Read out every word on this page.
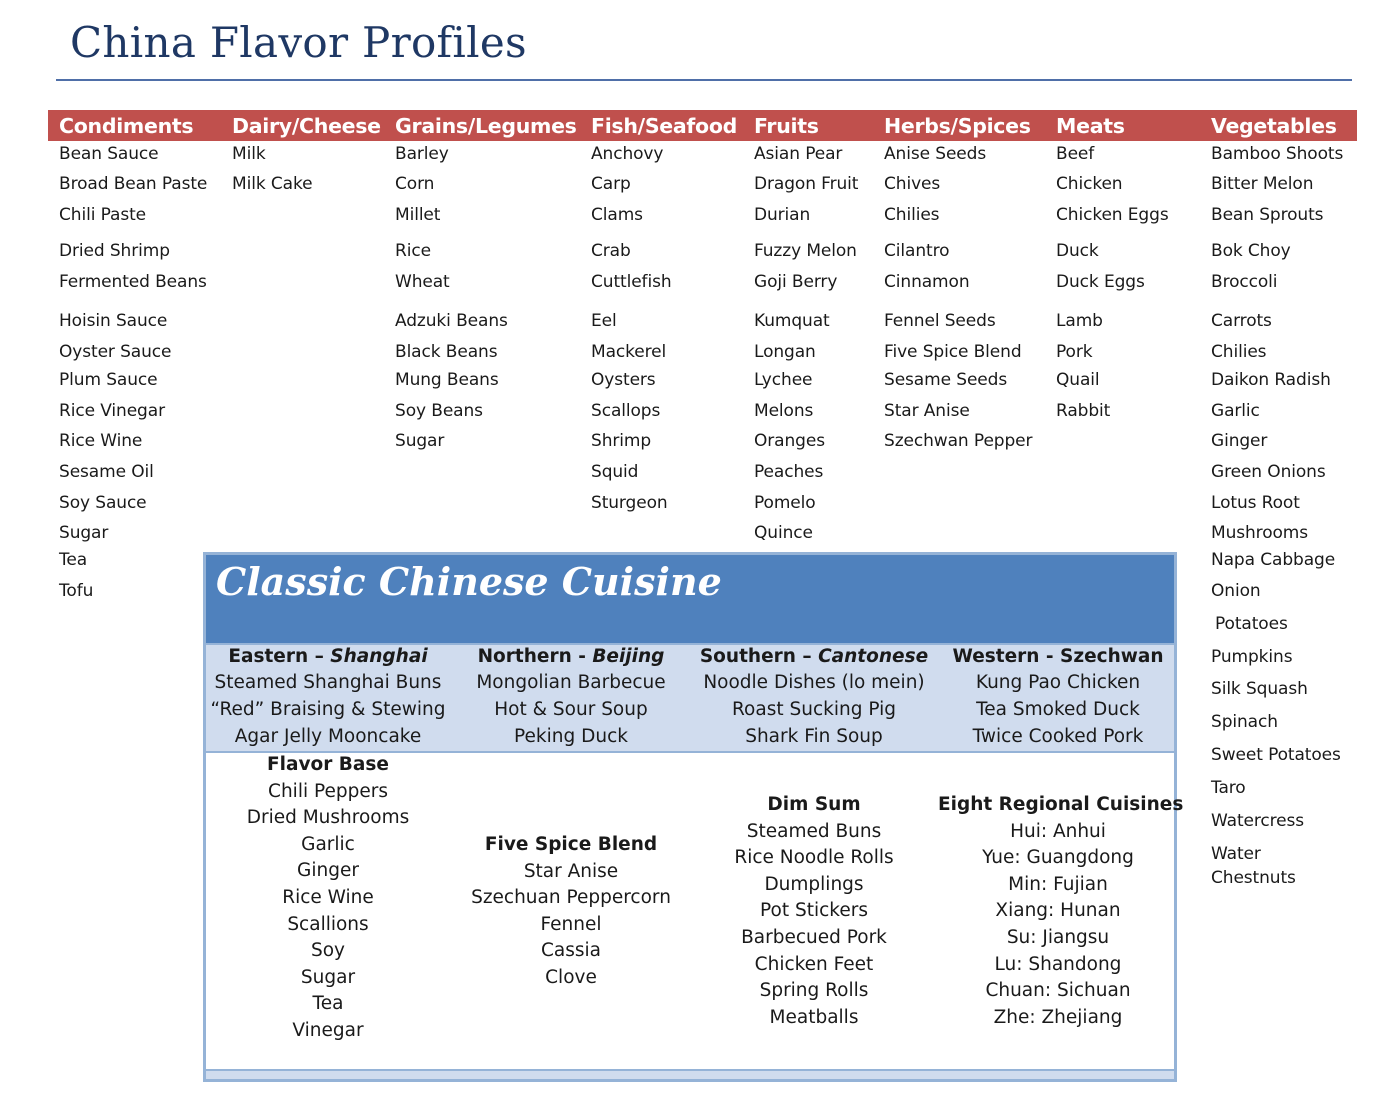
China Flavor Profiles
Condiments
Bean Sauce
Broad Bean Paste
Chili Paste
Dried Shrimp
Fermented Beans
Hoisin Sauce
Oyster Sauce
Plum Sauce
Rice Vinegar
Rice Wine
Sesame Oil
Soy Sauce
Sugar
Tea
Tofu
Dairy/Cheese
Milk
Milk Cake
Grains/Legumes
Barley
Corn
Millet
Rice
Wheat
Adzuki Beans
Black Beans
Mung Beans
Soy Beans
Sugar
Fish/Seafood
Anchovy
Carp
Clams
Crab
Cuttlefish
Eel
Mackerel
Oysters
Scallops
Shrimp
Squid
Sturgeon
Fruits
Asian Pear
Dragon Fruit
Durian
Fuzzy Melon
Goji Berry
Kumquat
Longan
Lychee
Melons
Oranges
Peaches
Pomelo
Quince
Herbs/Spices
Anise Seeds
Chives
Chilies
Cilantro
Cinnamon
Fennel Seeds
Five Spice Blend
Sesame Seeds
Star Anise
Szechwan Pepper
Meats
Beef
Chicken
Chicken Eggs
Duck
Duck Eggs
Lamb
Pork
Quail
Rabbit
Vegetables
Bamboo Shoots
Bitter Melon
Bean Sprouts
Bok Choy
Broccoli
Carrots
Chilies
Daikon Radish
Garlic
Ginger
Green Onions
Lotus Root
Mushrooms
Napa Cabbage
Onion
Potatoes
Pumpkins
Silk Squash
Spinach
Sweet Potatoes
Taro
Watercress
Water
Chestnuts
Classic Chinese Cuisine
Eastern – Shanghai
Steamed Shanghai Buns
“Red” Braising & Stewing
Agar Jelly Mooncake
Northern - Beijing
Mongolian Barbecue
Hot & Sour Soup
Peking Duck
Southern – Cantonese
Noodle Dishes (lo mein)
Roast Sucking Pig
Shark Fin Soup
Western - Szechwan
Kung Pao Chicken
Tea Smoked Duck
Twice Cooked Pork
Flavor Base
Chili Peppers
Dried Mushrooms
Garlic
Ginger
Rice Wine
Scallions
Soy
Sugar
Tea
Vinegar
Five Spice Blend
Star Anise
Szechuan Peppercorn
Fennel
Cassia
Clove
Dim Sum
Steamed Buns
Rice Noodle Rolls
Dumplings
Pot Stickers
Barbecued Pork
Chicken Feet
Spring Rolls
Meatballs
Eight Regional Cuisines
Hui: Anhui
Yue: Guangdong
Min: Fujian
Xiang: Hunan
Su: Jiangsu
Lu: Shandong
Chuan: Sichuan
Zhe: Zhejiang
